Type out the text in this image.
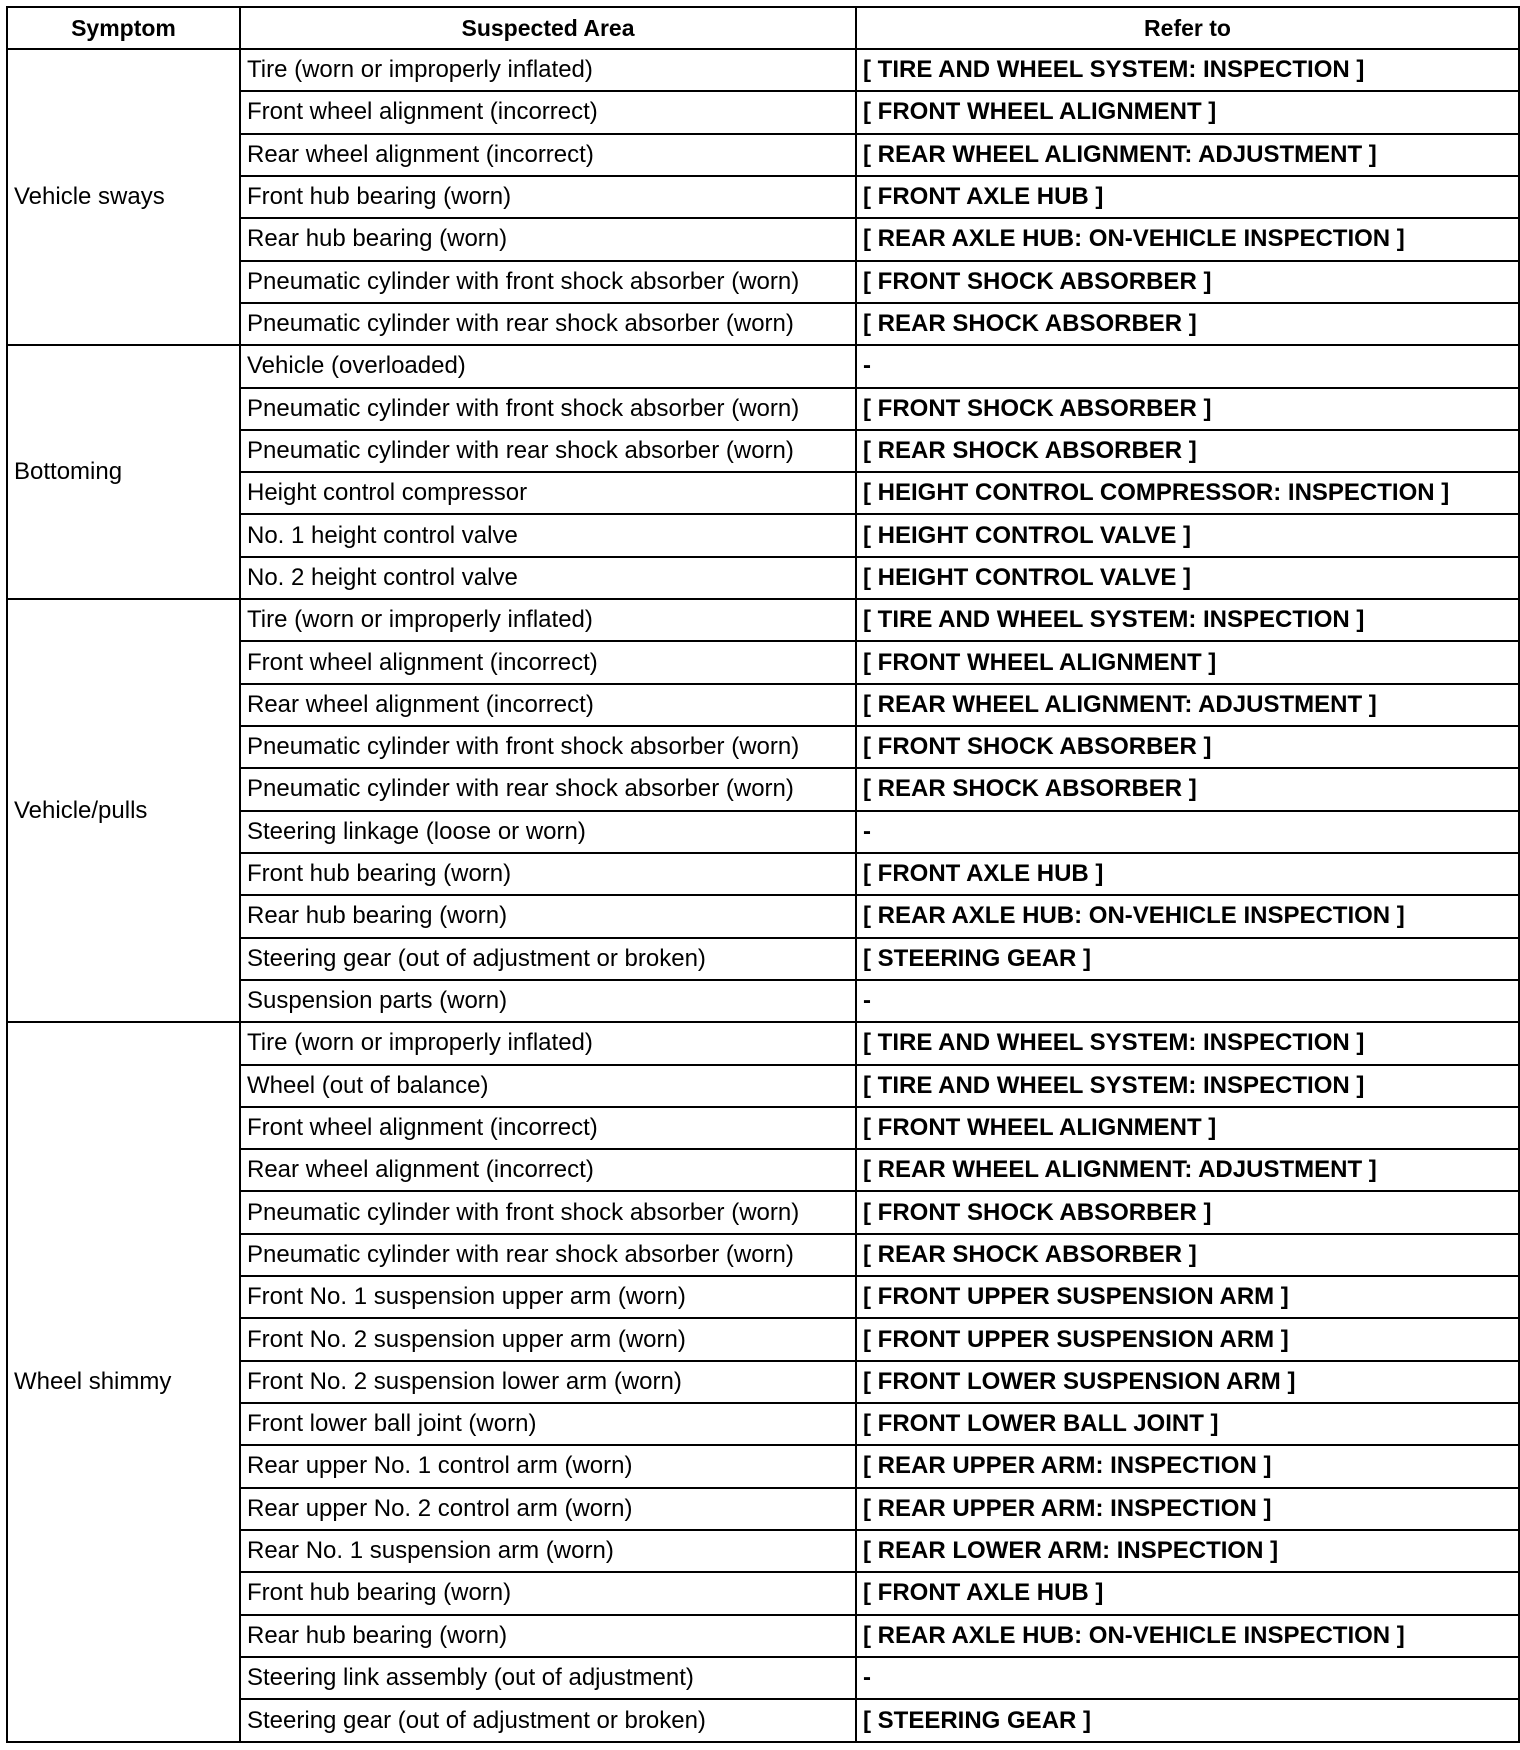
Symptom	Suspected Area	Refer to
Vehicle sways	Tire (worn or improperly inflated)	[ TIRE AND WHEEL SYSTEM: INSPECTION ]
	Front wheel alignment (incorrect)	[ FRONT WHEEL ALIGNMENT ]
	Rear wheel alignment (incorrect)	[ REAR WHEEL ALIGNMENT: ADJUSTMENT ]
	Front hub bearing (worn)	[ FRONT AXLE HUB ]
	Rear hub bearing (worn)	[ REAR AXLE HUB: ON-VEHICLE INSPECTION ]
	Pneumatic cylinder with front shock absorber (worn)	[ FRONT SHOCK ABSORBER ]
	Pneumatic cylinder with rear shock absorber (worn)	[ REAR SHOCK ABSORBER ]
Bottoming	Vehicle (overloaded)	-
	Pneumatic cylinder with front shock absorber (worn)	[ FRONT SHOCK ABSORBER ]
	Pneumatic cylinder with rear shock absorber (worn)	[ REAR SHOCK ABSORBER ]
	Height control compressor	[ HEIGHT CONTROL COMPRESSOR: INSPECTION ]
	No. 1 height control valve	[ HEIGHT CONTROL VALVE ]
	No. 2 height control valve	[ HEIGHT CONTROL VALVE ]
Vehicle/pulls	Tire (worn or improperly inflated)	[ TIRE AND WHEEL SYSTEM: INSPECTION ]
	Front wheel alignment (incorrect)	[ FRONT WHEEL ALIGNMENT ]
	Rear wheel alignment (incorrect)	[ REAR WHEEL ALIGNMENT: ADJUSTMENT ]
	Pneumatic cylinder with front shock absorber (worn)	[ FRONT SHOCK ABSORBER ]
	Pneumatic cylinder with rear shock absorber (worn)	[ REAR SHOCK ABSORBER ]
	Steering linkage (loose or worn)	-
	Front hub bearing (worn)	[ FRONT AXLE HUB ]
	Rear hub bearing (worn)	[ REAR AXLE HUB: ON-VEHICLE INSPECTION ]
	Steering gear (out of adjustment or broken)	[ STEERING GEAR ]
	Suspension parts (worn)	-
Wheel shimmy	Tire (worn or improperly inflated)	[ TIRE AND WHEEL SYSTEM: INSPECTION ]
	Wheel (out of balance)	[ TIRE AND WHEEL SYSTEM: INSPECTION ]
	Front wheel alignment (incorrect)	[ FRONT WHEEL ALIGNMENT ]
	Rear wheel alignment (incorrect)	[ REAR WHEEL ALIGNMENT: ADJUSTMENT ]
	Pneumatic cylinder with front shock absorber (worn)	[ FRONT SHOCK ABSORBER ]
	Pneumatic cylinder with rear shock absorber (worn)	[ REAR SHOCK ABSORBER ]
	Front No. 1 suspension upper arm (worn)	[ FRONT UPPER SUSPENSION ARM ]
	Front No. 2 suspension upper arm (worn)	[ FRONT UPPER SUSPENSION ARM ]
	Front No. 2 suspension lower arm (worn)	[ FRONT LOWER SUSPENSION ARM ]
	Front lower ball joint (worn)	[ FRONT LOWER BALL JOINT ]
	Rear upper No. 1 control arm (worn)	[ REAR UPPER ARM: INSPECTION ]
	Rear upper No. 2 control arm (worn)	[ REAR UPPER ARM: INSPECTION ]
	Rear No. 1 suspension arm (worn)	[ REAR LOWER ARM: INSPECTION ]
	Front hub bearing (worn)	[ FRONT AXLE HUB ]
	Rear hub bearing (worn)	[ REAR AXLE HUB: ON-VEHICLE INSPECTION ]
	Steering link assembly (out of adjustment)	-
	Steering gear (out of adjustment or broken)	[ STEERING GEAR ]
